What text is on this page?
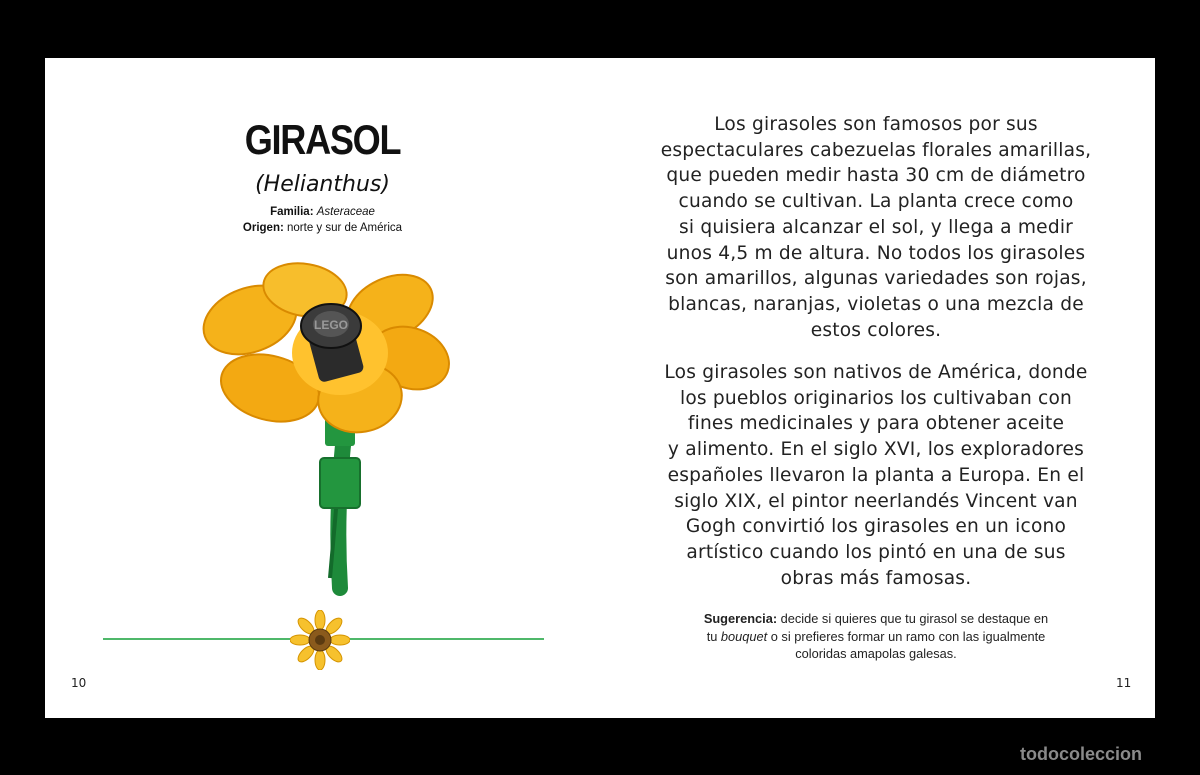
GIRASOL
(Helianthus)
Familia: Asteraceae
Origen: norte y sur de América
LEGO
10
Los girasoles son famosos por sus
espectaculares cabezuelas florales amarillas,
que pueden medir hasta 30 cm de diámetro
cuando se cultivan. La planta crece como
si quisiera alcanzar el sol, y llega a medir
unos 4,5 m de altura. No todos los girasoles
son amarillos, algunas variedades son rojas,
blancas, naranjas, violetas o una mezcla de
estos colores.
Los girasoles son nativos de América, donde
los pueblos originarios los cultivaban con
fines medicinales y para obtener aceite
y alimento. En el siglo XVI, los exploradores
españoles llevaron la planta a Europa. En el
siglo XIX, el pintor neerlandés Vincent van
Gogh convirtió los girasoles en un icono
artístico cuando los pintó en una de sus
obras más famosas.
Sugerencia: decide si quieres que tu girasol se destaque en
tu bouquet o si prefieres formar un ramo con las igualmente
coloridas amapolas galesas.
11
todocoleccion
